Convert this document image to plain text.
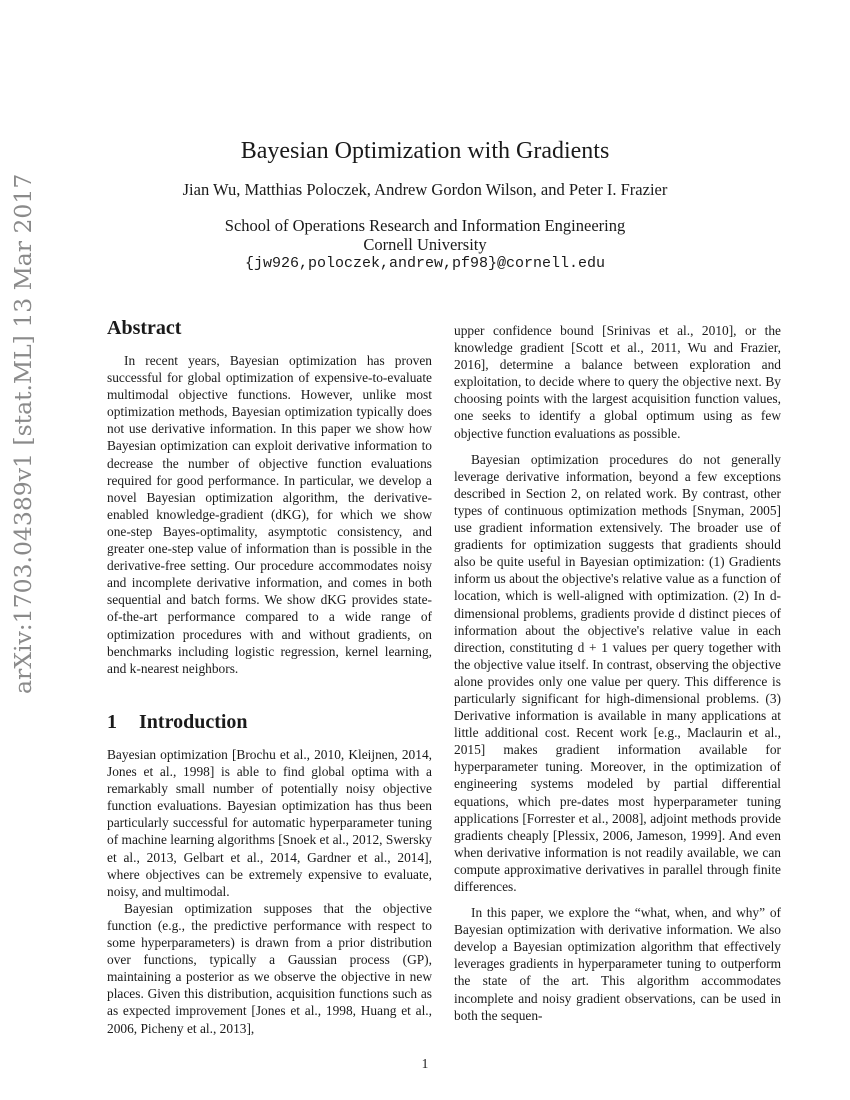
arXiv:1703.04389v1 [stat.ML] 13 Mar 2017
Bayesian Optimization with Gradients
Jian Wu, Matthias Poloczek, Andrew Gordon Wilson, and Peter I. Frazier
School of Operations Research and Information Engineering
Cornell University
{jw926,poloczek,andrew,pf98}@cornell.edu
Abstract

In recent years, Bayesian optimization has proven successful for global optimization of expensive-to-evaluate multimodal objective functions. However, unlike most optimization methods, Bayesian optimization typically does not use derivative information. In this paper we show how Bayesian optimization can exploit derivative information to decrease the number of objective function evaluations required for good performance. In particular, we develop a novel Bayesian optimization algorithm, the derivative-enabled knowledge-gradient (dKG), for which we show one-step Bayes-optimality, asymptotic consistency, and greater one-step value of information than is possible in the derivative-free setting. Our procedure accommodates noisy and incomplete derivative information, and comes in both sequential and batch forms. We show dKG provides state-of-the-art performance compared to a wide range of optimization procedures with and without gradients, on benchmarks including logistic regression, kernel learning, and k-nearest neighbors.

1 Introduction

Bayesian optimization [Brochu et al., 2010, Kleijnen, 2014, Jones et al., 1998] is able to find global optima with a remarkably small number of potentially noisy objective function evaluations. Bayesian optimization has thus been particularly successful for automatic hyperparameter tuning of machine learning algorithms [Snoek et al., 2012, Swersky et al., 2013, Gelbart et al., 2014, Gardner et al., 2014], where objectives can be extremely expensive to evaluate, noisy, and multimodal.

Bayesian optimization supposes that the objective function (e.g., the predictive performance with respect to some hyperparameters) is drawn from a prior distribution over functions, typically a Gaussian process (GP), maintaining a posterior as we observe the objective in new places. Given this distribution, acquisition functions such as as expected improvement [Jones et al., 1998, Huang et al., 2006, Picheny et al., 2013],

upper confidence bound [Srinivas et al., 2010], or the knowledge gradient [Scott et al., 2011, Wu and Frazier, 2016], determine a balance between exploration and exploitation, to decide where to query the objective next. By choosing points with the largest acquisition function values, one seeks to identify a global optimum using as few objective function evaluations as possible.

Bayesian optimization procedures do not generally leverage derivative information, beyond a few exceptions described in Section 2, on related work. By contrast, other types of continuous optimization methods [Snyman, 2005] use gradient information extensively. The broader use of gradients for optimization suggests that gradients should also be quite useful in Bayesian optimization: (1) Gradients inform us about the objective's relative value as a function of location, which is well-aligned with optimization. (2) In d-dimensional problems, gradients provide d distinct pieces of information about the objective's relative value in each direction, constituting d + 1 values per query together with the objective value itself. In contrast, observing the objective alone provides only one value per query. This difference is particularly significant for high-dimensional problems. (3) Derivative information is available in many applications at little additional cost. Recent work [e.g., Maclaurin et al., 2015] makes gradient information available for hyperparameter tuning. Moreover, in the optimization of engineering systems modeled by partial differential equations, which pre-dates most hyperparameter tuning applications [Forrester et al., 2008], adjoint methods provide gradients cheaply [Plessix, 2006, Jameson, 1999]. And even when derivative information is not readily available, we can compute approximative derivatives in parallel through finite differences.

In this paper, we explore the “what, when, and why” of Bayesian optimization with derivative information. We also develop a Bayesian optimization algorithm that effectively leverages gradients in hyperparameter tuning to outperform the state of the art. This algorithm accommodates incomplete and noisy gradient observations, can be used in both the sequen-

1
